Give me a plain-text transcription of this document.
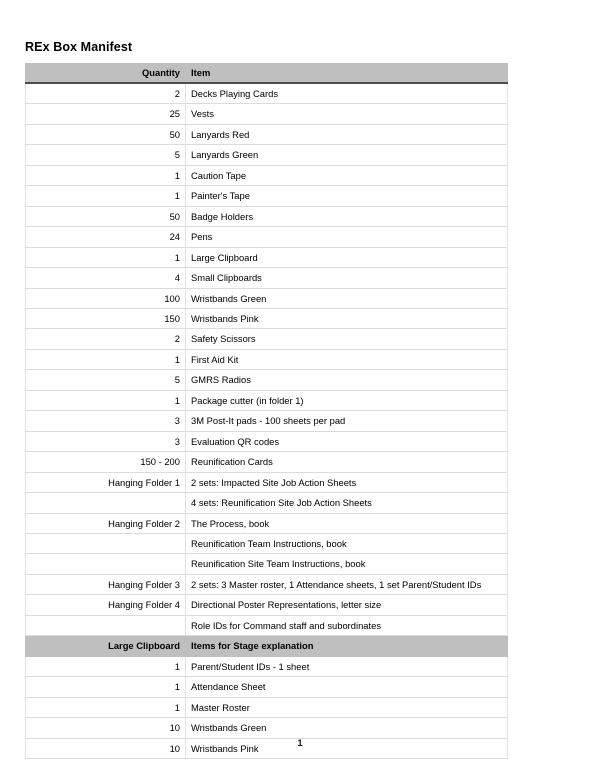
REx Box Manifest
Quantity	Item
2	Decks Playing Cards
25	Vests
50	Lanyards Red
5	Lanyards Green
1	Caution Tape
1	Painter's Tape
50	Badge Holders
24	Pens
1	Large Clipboard
4	Small Clipboards
100	Wristbands Green
150	Wristbands Pink
2	Safety Scissors
1	First Aid Kit
5	GMRS Radios
1	Package cutter (in folder 1)
3	3M Post-It pads - 100 sheets per pad
3	Evaluation QR codes
150 - 200	Reunification Cards
Hanging Folder 1	2 sets: Impacted Site Job Action Sheets
	4 sets: Reunification Site Job Action Sheets
Hanging Folder 2	The Process, book
	Reunification Team Instructions, book
	Reunification Site Team Instructions, book
Hanging Folder 3	2 sets: 3 Master roster, 1 Attendance sheets, 1 set Parent/Student IDs
Hanging Folder 4	Directional Poster Representations, letter size
	Role IDs for Command staff and subordinates
Large Clipboard	Items for Stage explanation
1	Parent/Student IDs - 1 sheet
1	Attendance Sheet
1	Master Roster
10	Wristbands Green
10	Wristbands Pink	1
